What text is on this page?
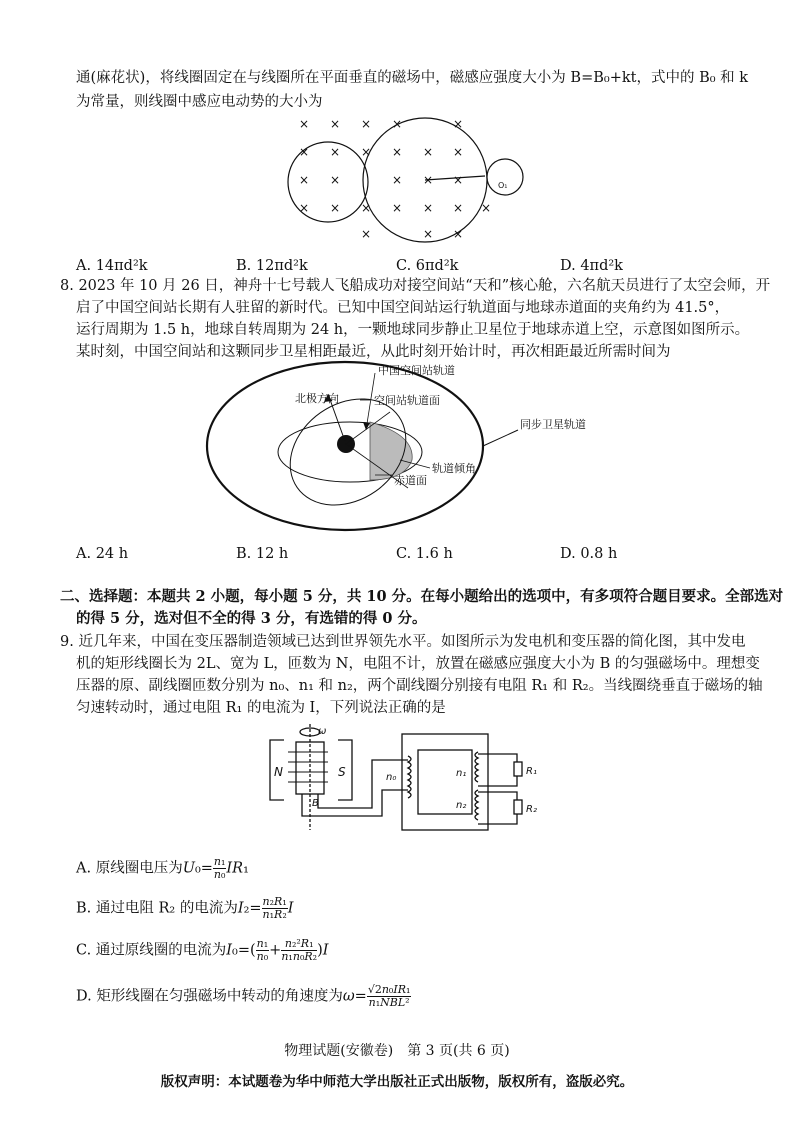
通(麻花状)，将线圈固定在与线圈所在平面垂直的磁场中，磁感应强度大小为 B=B₀+kt，式中的 B₀ 和 k
为常量，则线圈中感应电动势的大小为
× × × ×	×
× × × × × ×
× ×	× × ×
× × × × × × ×
×	× ×
O₁
A. 14πd²k	B. 12πd²k	C. 6πd²k	D. 4πd²k
8. 2023 年 10 月 26 日，神舟十七号载人飞船成功对接空间站“天和”核心舱，六名航天员进行了太空会师，开
启了中国空间站长期有人驻留的新时代。已知中国空间站运行轨道面与地球赤道面的夹角约为 41.5°，
运行周期为 1.5 h，地球自转周期为 24 h，一颗地球同步静止卫星位于地球赤道上空，示意图如图所示。
某时刻，中国空间站和这颗同步卫星相距最近，从此时刻开始计时，再次相距最近所需时间为
中国空间站轨道
北极方向	空间站轨道面
同步卫星轨道
轨道倾角
赤道面
A. 24 h	B. 12 h	C. 1.6 h	D. 0.8 h
二、选择题：本题共 2 小题，每小题 5 分，共 10 分。在每小题给出的选项中，有多项符合题目要求。全部选对
的得 5 分，选对但不全的得 3 分，有选错的得 0 分。
9. 近几年来，中国在变压器制造领域已达到世界领先水平。如图所示为发电机和变压器的简化图，其中发电
机的矩形线圈长为 2L、宽为 L，匝数为 N，电阻不计，放置在磁感应强度大小为 B 的匀强磁场中。理想变
压器的原、副线圈匝数分别为 n₀、n₁ 和 n₂，两个副线圈分别接有电阻 R₁ 和 R₂。当线圈绕垂直于磁场的轴
匀速转动时，通过电阻 R₁ 的电流为 I，下列说法正确的是
ω
N	S
B
n₀	n₁
n₂
R₁
R₂
A. 原线圈电压为$U_0= \frac{\text{n₁}}{\text{n₀}} IR_1$
B. 通过电阻 R₂ 的电流为$I_2= \frac{\text{n₂R₁}}{\text{n₁R₂}}$ I
C. 通过原线圈的电流为$I_0=( \frac{\text{n₁}}{\text{n₀}} + \frac{\text{n₂²R₁}}{\text{n₁n₀R₂}} )I$
D. 矩形线圈在匀强磁场中转动的角速度为$\omega= \frac{\text{√2n₀IR₁}}{\text{n₁NBL²}}$
物理试题(安徽卷)　第 3 页(共 6 页)
版权声明：本试题卷为华中师范大学出版社正式出版物，版权所有，盗版必究。
